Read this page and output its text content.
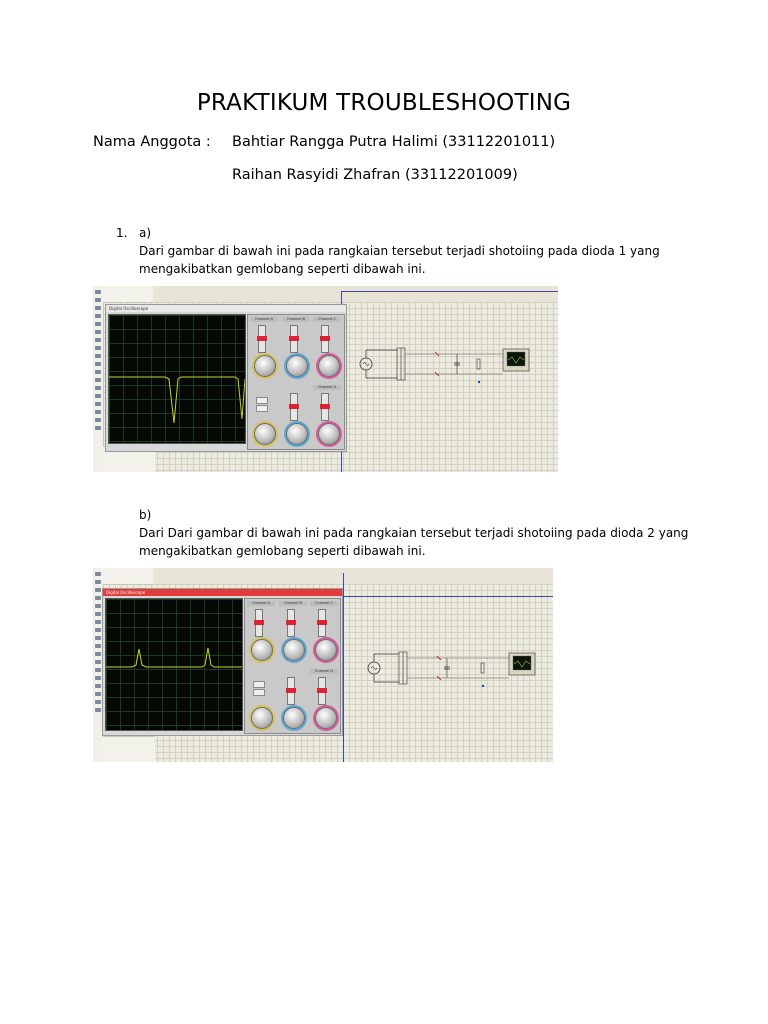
PRAKTIKUM TROUBLESHOOTING
Nama Anggota : Bahtiar Rangga Putra Halimi (33112201011)
Raihan Rasyidi Zhafran (33112201009)
1. a)
Dari gambar di bawah ini pada rangkaian tersebut terjadi shotoiing pada dioda 1 yang
mengakibatkan gemlobang seperti dibawah ini.
Digital Oscilloscope
Channel A	Channel B	Channel C
Channel D
b)
Dari Dari gambar di bawah ini pada rangkaian tersebut terjadi shotoiing pada dioda 2 yang
mengakibatkan gemlobang seperti dibawah ini.
Digital Oscilloscope
Channel A	Channel B	Channel C
Channel D
